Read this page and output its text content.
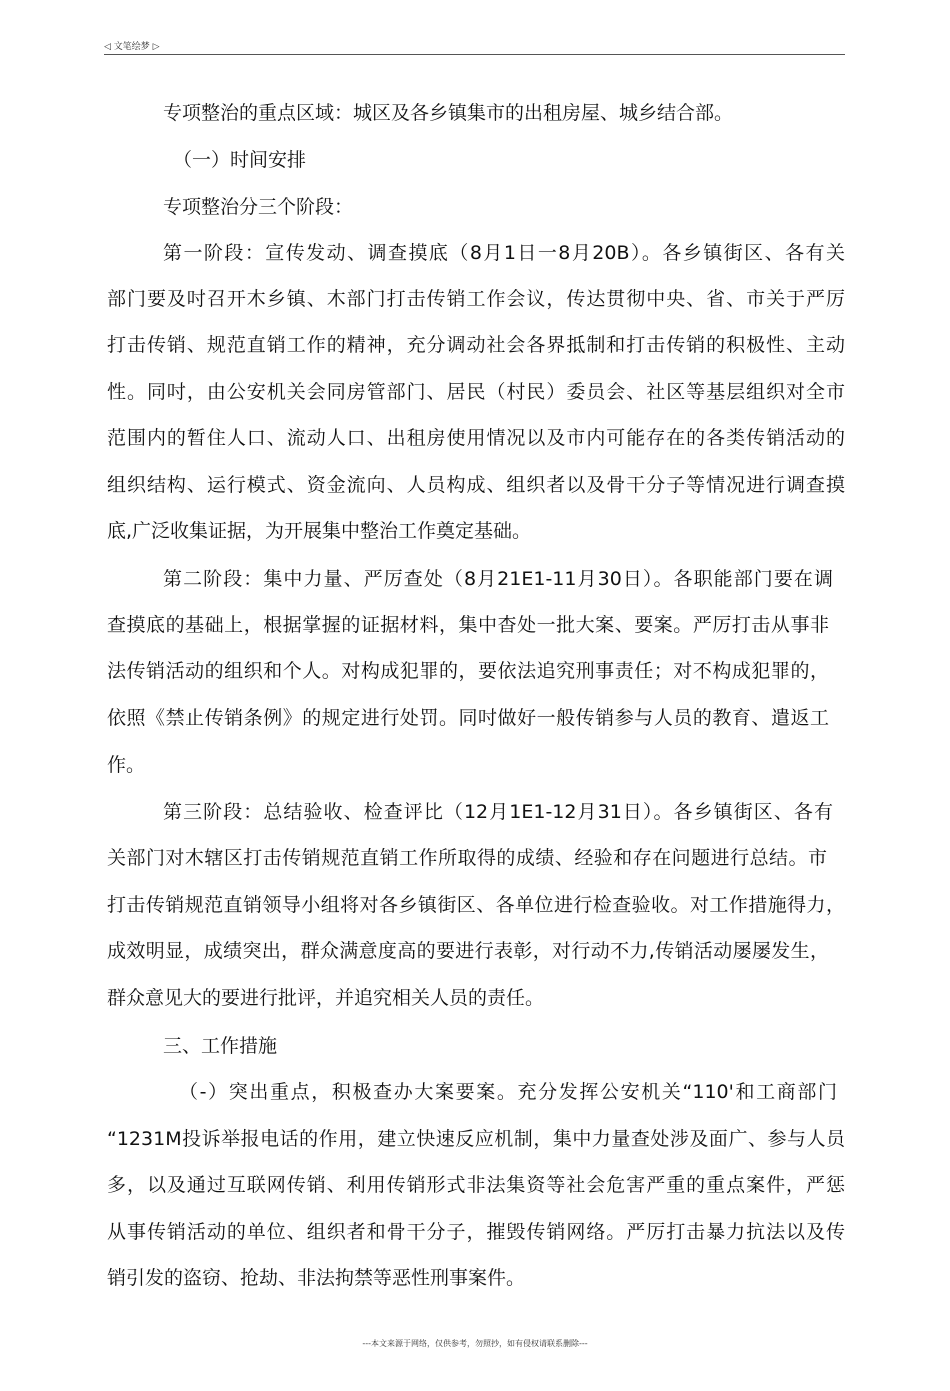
◁ 文笔绘梦 ▷
专项整治的重点区域：城区及各乡镇集市的出租房屋、城乡结合部。
（一）时间安排
专项整治分三个阶段：
第一阶段：宣传发动、调查摸底（8月1日一8月20B）。各乡镇街区、各有关
部门要及吋召开木乡镇、木部门打击传销工作会议，传达贯彻中央、省、市关于严厉
打击传销、规范直销工作的精神，充分调动社会各界抵制和打击传销的积极性、主动
性。同吋，由公安机关会同房管部门、居民（村民）委员会、社区等基层组织对全市
范围内的暂住人口、流动人口、出租房使用情况以及市内可能存在的各类传销活动的
组织结构、运行模式、资金流向、人员构成、组织者以及骨干分子等情况进行调查摸
底,广泛收集证据，为开展集中整治工作奠定基础。
第二阶段：集中力量、严厉查处（8月21E1-11月30日）。各职能部门要在调
查摸底的基础上，根据掌握的证据材料，集中杳处一批大案、要案。严厉打击从事非
法传销活动的组织和个人。对构成犯罪的，要依法追究刑事责任；对不构成犯罪的，
依照《禁止传销条例》的规定进行处罚。同吋做好一般传销参与人员的教育、遣返工
作。
第三阶段：总结验收、检查评比（12月1E1-12月31日）。各乡镇街区、各有
关部门对木辖区打击传销规范直销工作所取得的成绩、经验和存在问题进行总结。市
打击传销规范直销领导小组将对各乡镇街区、各单位进行检查验收。对工作措施得力，
成效明显，成绩突出，群众满意度高的要进行表彰，对行动不力,传销活动屡屡发生，
群众意见大的要进行批评，并追究相关人员的责任。
三、工作措施
（-）突出重点，积极查办大案要案。充分发挥公安机关“110'和工商部门
“1231M投诉举报电话的作用，建立快速反应机制，集中力量查处涉及面广、参与人员
多，以及通过互联网传销、利用传销形式非法集资等社会危害严重的重点案件，严惩
从事传销活动的单位、组织者和骨干分子，摧毁传销网络。严厉打击暴力抗法以及传
销引发的盗窃、抢劫、非法拘禁等恶性刑事案件。
---本文来源于网络，仅供参考，勿照抄，如有侵权请联系删除---
